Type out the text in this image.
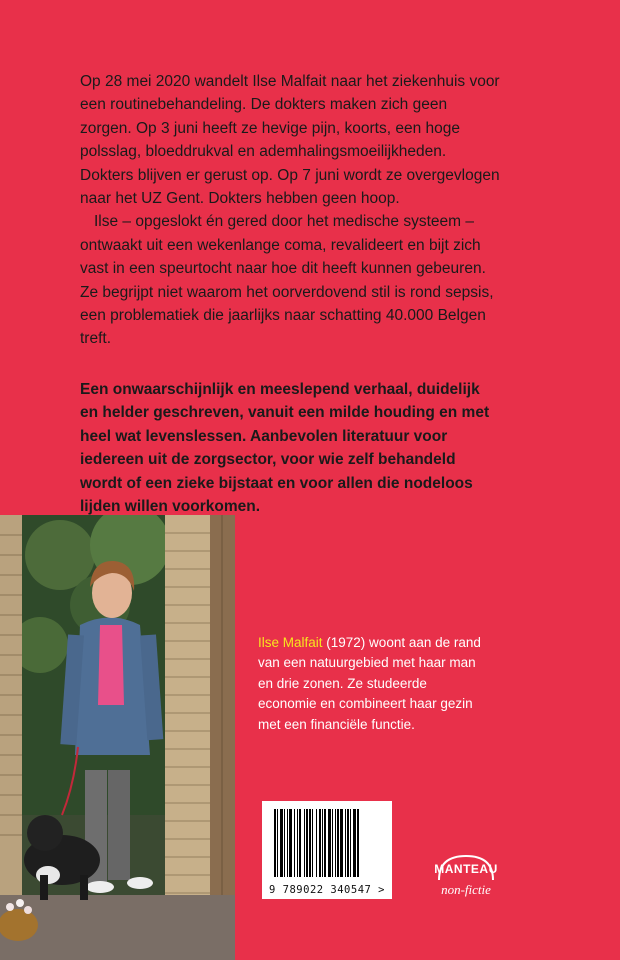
Op 28 mei 2020 wandelt Ilse Malfait naar het ziekenhuis voor een routinebehandeling. De dokters maken zich geen zorgen. Op 3 juni heeft ze hevige pijn, koorts, een hoge polsslag, bloeddrukval en ademhalingsmoeilijkheden. Dokters blijven er gerust op. Op 7 juni wordt ze overgevlogen naar het UZ Gent. Dokters hebben geen hoop.

Ilse – opgeslokt én gered door het medische systeem – ontwaakt uit een wekenlange coma, revalideert en bijt zich vast in een speurtocht naar hoe dit heeft kunnen gebeuren. Ze begrijpt niet waarom het oorverdovend stil is rond sepsis, een problematiek die jaarlijks naar schatting 40.000 Belgen treft.

Een onwaarschijnlijk en meeslepend verhaal, duidelijk en helder geschreven, vanuit een milde houding en met heel wat levenslessen. Aanbevolen literatuur voor iedereen uit de zorgsector, voor wie zelf behandeld wordt of een zieke bijstaat en voor allen die nodeloos lijden willen voorkomen.
Ilse Malfait (1972) woont aan de rand van een natuurgebied met haar man en drie zonen. Ze studeerde economie en combineert haar gezin met een financiële functie.
9 789022 340547 >
MANTEAU
non-fictie
